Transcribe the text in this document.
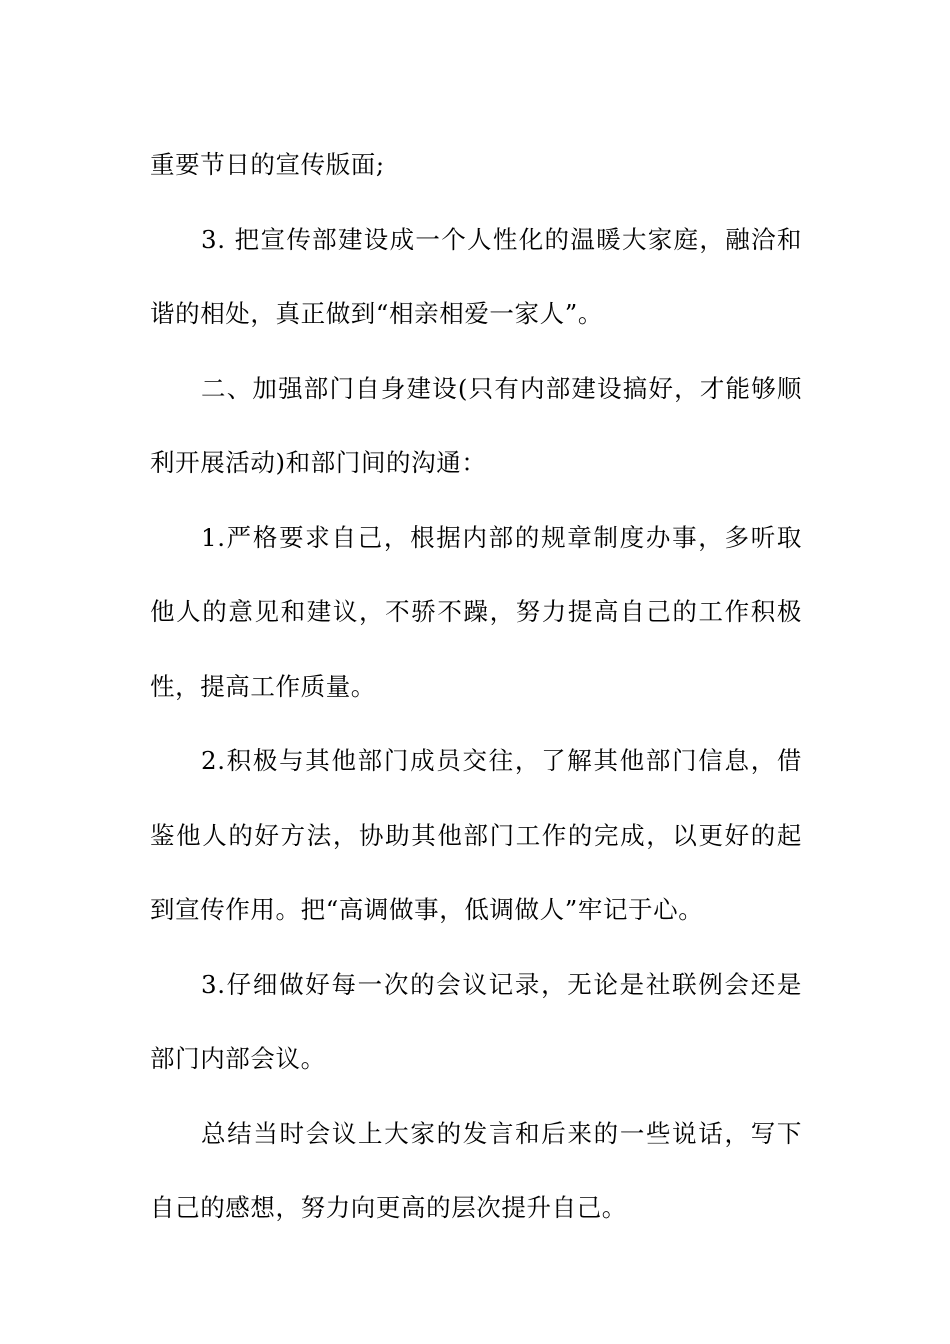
重要节日的宣传版面;

3. 把宣传部建设成一个人性化的温暖大家庭，融洽和谐的相处，真正做到“相亲相爱一家人”。

二、加强部门自身建设(只有内部建设搞好，才能够顺利开展活动)和部门间的沟通：

1.严格要求自己，根据内部的规章制度办事，多听取他人的意见和建议，不骄不躁，努力提高自己的工作积极性，提高工作质量。

2.积极与其他部门成员交往，了解其他部门信息，借鉴他人的好方法，协助其他部门工作的完成，以更好的起到宣传作用。把“高调做事，低调做人”牢记于心。

3.仔细做好每一次的会议记录，无论是社联例会还是部门内部会议。

总结当时会议上大家的发言和后来的一些说话，写下自己的感想，努力向更高的层次提升自己。
